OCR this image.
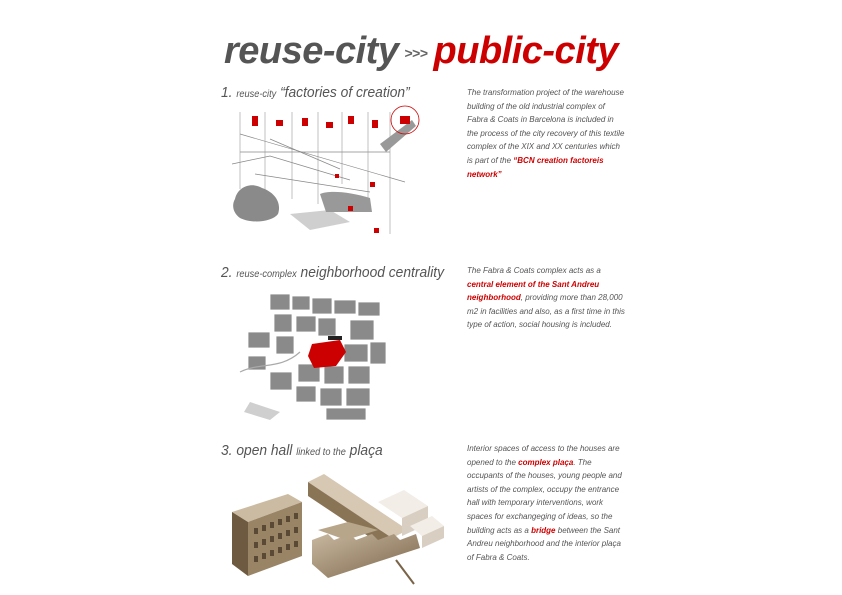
reuse-city >>> public-city
1. reuse-city “factories of creation”	The transformation project of the warehouse building of the old industrial complex of Fabra & Coats in Barcelona is included in the process of the city recovery of this textile complex of the XIX and XX centuries which is part of the “BCN creation factoreis network”
2. reuse-complex neighborhood centrality	The Fabra & Coats complex acts as a central element of the Sant Andreu neighborhood, providing more than 28,000 m2 in facilities and also, as a first time in this type of action, social housing is included.
3. open hall linked to the plaça	Interior spaces of access to the houses are opened to the complex plaça. The occupants of the houses, young people and artists of the complex, occupy the entrance hall with temporary interventions, work spaces for exchangeging of ideas, so the building acts as a bridge between the Sant Andreu neighborhood and the interior plaça of Fabra & Coats.
